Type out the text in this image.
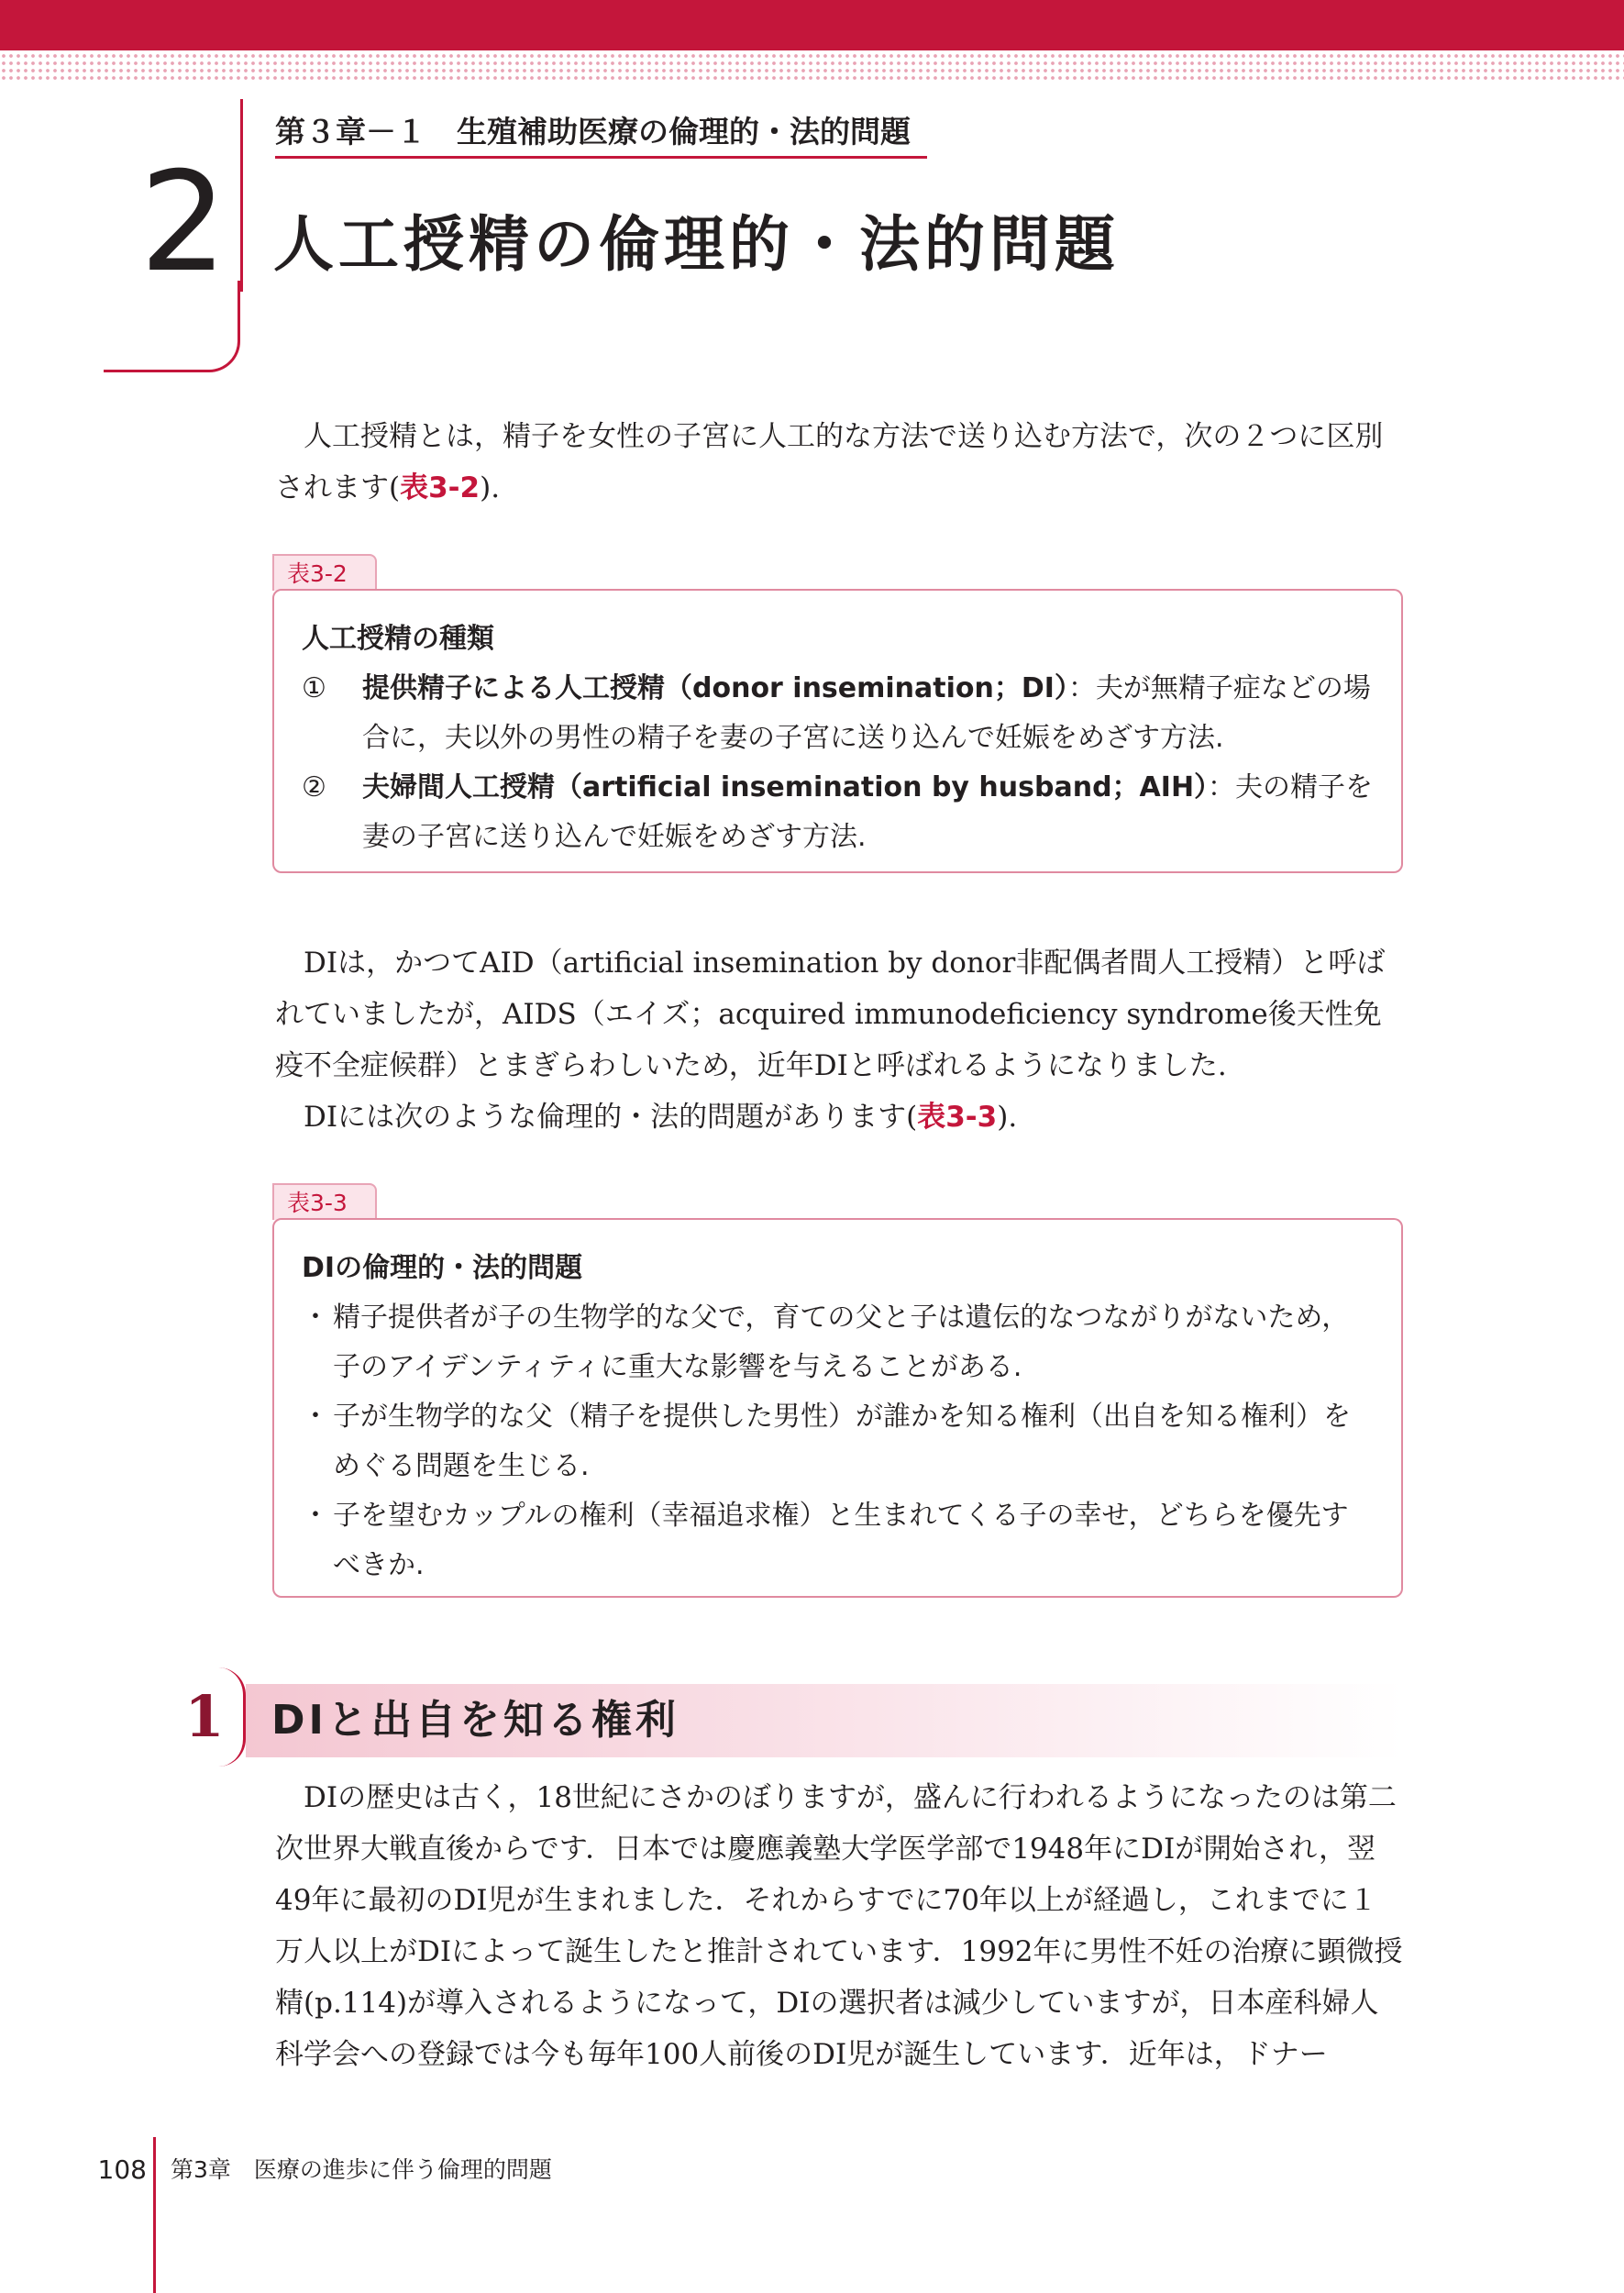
2
第３章－１　生殖補助医療の倫理的・法的問題
人工授精の倫理的・法的問題

人工授精とは，精子を女性の子宮に人工的な方法で送り込む方法で，次の２つに区別されます(表3-2).

表3-2
人工授精の種類
①	提供精子による人工授精（donor insemination；DI）：夫が無精子症などの場合に，夫以外の男性の精子を妻の子宮に送り込んで妊娠をめざす方法.
②	夫婦間人工授精（artificial insemination by husband；AIH）：夫の精子を妻の子宮に送り込んで妊娠をめざす方法.

DIは，かつてAID（artificial insemination by donor非配偶者間人工授精）と呼ばれていましたが，AIDS（エイズ；acquired immunodeficiency syndrome後天性免疫不全症候群）とまぎらわしいため，近年DIと呼ばれるようになりました.

DIには次のような倫理的・法的問題があります(表3-3).

表3-3
DIの倫理的・法的問題
・ 精子提供者が子の生物学的な父で，育ての父と子は遺伝的なつながりがないため，子のアイデンティティに重大な影響を与えることがある.
・ 子が生物学的な父（精子を提供した男性）が誰かを知る権利（出自を知る権利）をめぐる問題を生じる.
・ 子を望むカップルの権利（幸福追求権）と生まれてくる子の幸せ，どちらを優先すべきか.
1 DIと出自を知る権利

DIの歴史は古く，18世紀にさかのぼりますが，盛んに行われるようになったのは第二次世界大戦直後からです．日本では慶應義塾大学医学部で1948年にDIが開始され，翌49年に最初のDI児が生まれました．それからすでに70年以上が経過し，これまでに１万人以上がDIによって誕生したと推計されています．1992年に男性不妊の治療に顕微授精(p.114)が導入されるようになって，DIの選択者は減少していますが，日本産科婦人科学会への登録では今も毎年100人前後のDI児が誕生しています．近年は，ドナー

108 第3章　医療の進歩に伴う倫理的問題
